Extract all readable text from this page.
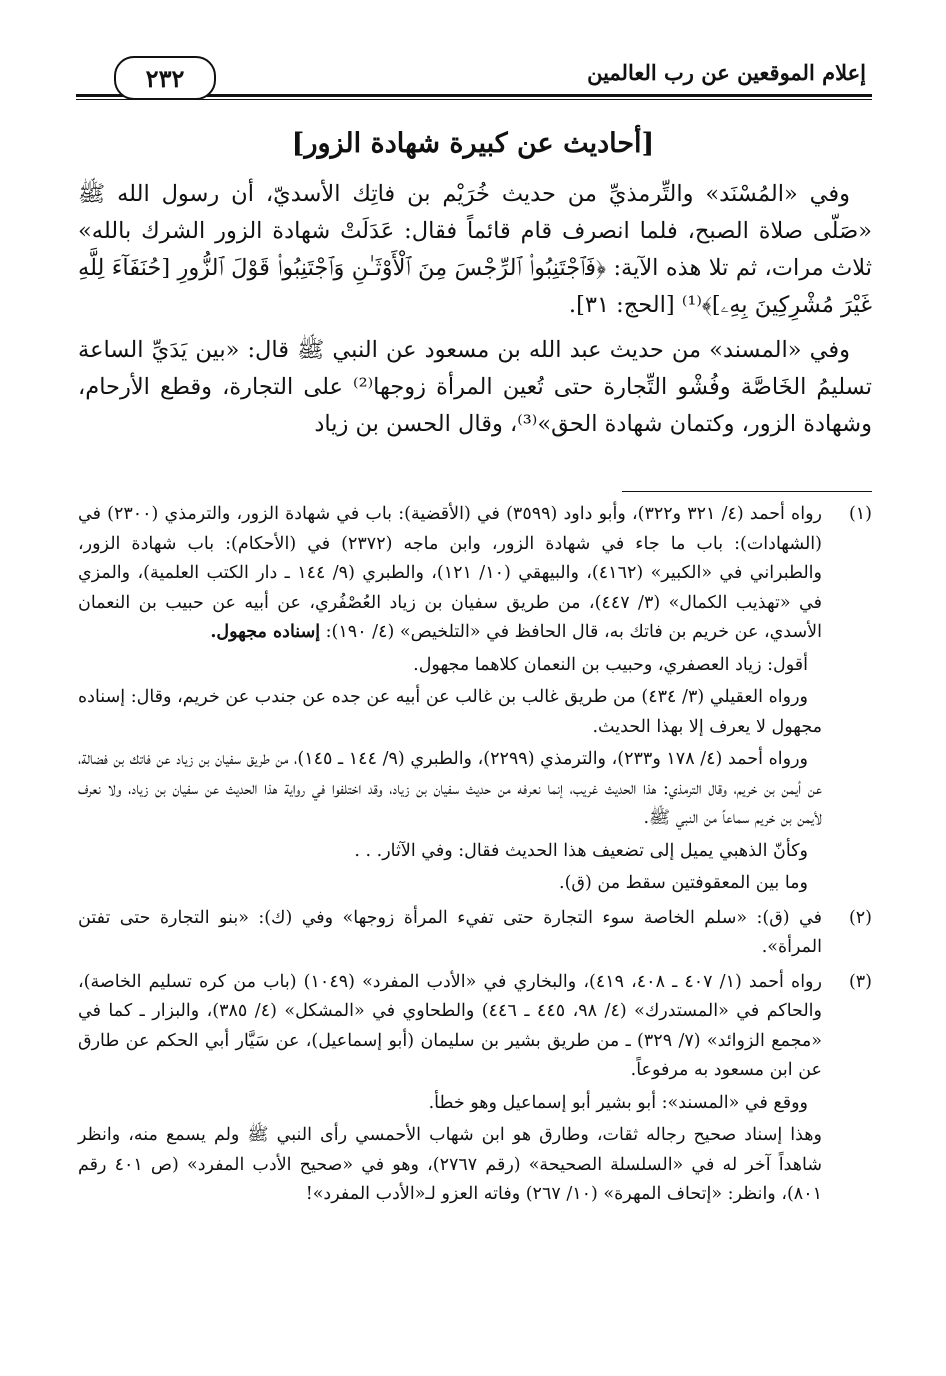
إعلام الموقعين عن رب العالمين
٢٣٢
[أحاديث عن كبيرة شهادة الزور]

وفي «المُسْنَد» والتِّرمذيِّ من حديث خُرَيْم بن فاتِك الأسديّ، أن رسول الله ﷺ «صَلّى صلاة الصبح، فلما انصرف قام قائماً فقال: عَدَلَتْ شهادة الزور الشرك بالله» ثلاث مرات، ثم تلا هذه الآية: ﴿فَٱجْتَنِبُوا۟ ٱلرِّجْسَ مِنَ ٱلْأَوْثَـٰنِ وَٱجْتَنِبُوا۟ قَوْلَ ٱلزُّورِ [حُنَفَآءَ لِلَّهِ غَيْرَ مُشْرِكِينَ بِهِۦ]﴾⁽¹⁾ [الحج: ٣١].

وفي «المسند» من حديث عبد الله بن مسعود عن النبي ﷺ قال: «بين يَدَيِّ الساعة تسليمُ الخَاصَّة وفُشْو التِّجارة حتى تُعين المرأة زوجها⁽²⁾ على التجارة، وقطع الأرحام، وشهادة الزور، وكتمان شهادة الحق»⁽³⁾، وقال الحسن بن زياد

(١)

رواه أحمد (٤/ ٣٢١ و٣٢٢)، وأبو داود (٣٥٩٩) في (الأقضية): باب في شهادة الزور، والترمذي (٢٣٠٠) في (الشهادات): باب ما جاء في شهادة الزور، وابن ماجه (٢٣٧٢) في (الأحكام): باب شهادة الزور، والطبراني في «الكبير» (٤١٦٢)، والبيهقي (١٠/ ١٢١)، والطبري (٩/ ١٤٤ ـ دار الكتب العلمية)، والمزي في «تهذيب الكمال» (٣/ ٤٤٧)، من طريق سفيان بن زياد العُصْفُري، عن أبيه عن حبيب بن النعمان الأسدي، عن خريم بن فاتك به، قال الحافظ في «التلخيص» (٤/ ١٩٠): إسناده مجهول.

أقول: زياد العصفري، وحبيب بن النعمان كلاهما مجهول.

ورواه العقيلي (٣/ ٤٣٤) من طريق غالب بن غالب عن أبيه عن جده عن جندب عن خريم، وقال: إسناده مجهول لا يعرف إلا بهذا الحديث.

ورواه أحمد (٤/ ١٧٨ و٢٣٣)، والترمذي (٢٢٩٩)، والطبري (٩/ ١٤٤ ـ ١٤٥)، من طريق سفيان بن زياد عن فاتك بن فضالة، عن أيمن بن خريم، وقال الترمذي: هذا الحديث غريب، إنما نعرفه من حديث سفيان بن زياد، وقد اختلفوا في رواية هذا الحديث عن سفيان بن زياد، ولا نعرف لأيمن بن خريم سماعاً من النبي ﷺ.

وكأنّ الذهبي يميل إلى تضعيف هذا الحديث فقال: وفي الآثار. . .

وما بين المعقوفتين سقط من (ق).

(٢)

في (ق): «سلم الخاصة سوء التجارة حتى تفيء المرأة زوجها» وفي (ك): «بنو التجارة حتى تفتن المرأة».

(٣)

رواه أحمد (١/ ٤٠٧ ـ ٤٠٨، ٤١٩)، والبخاري في «الأدب المفرد» (١٠٤٩) (باب من كره تسليم الخاصة)، والحاكم في «المستدرك» (٤/ ٩٨، ٤٤٥ ـ ٤٤٦) والطحاوي في «المشكل» (٤/ ٣٨٥)، والبزار ـ كما في «مجمع الزوائد» (٧/ ٣٢٩) ـ من طريق بشير بن سليمان (أبو إسماعيل)، عن سَيَّار أبي الحكم عن طارق عن ابن مسعود به مرفوعاً.

ووقع في «المسند»: أبو بشير أبو إسماعيل وهو خطأ.

وهذا إسناد صحيح رجاله ثقات، وطارق هو ابن شهاب الأحمسي رأى النبي ﷺ ولم يسمع منه، وانظر شاهداً آخر له في «السلسلة الصحيحة» (رقم ٢٧٦٧)، وهو في «صحيح الأدب المفرد» (ص ٤٠١ رقم ٨٠١)، وانظر: «إتحاف المهرة» (١٠/ ٢٦٧) وفاته العزو لـ«الأدب المفرد»!
